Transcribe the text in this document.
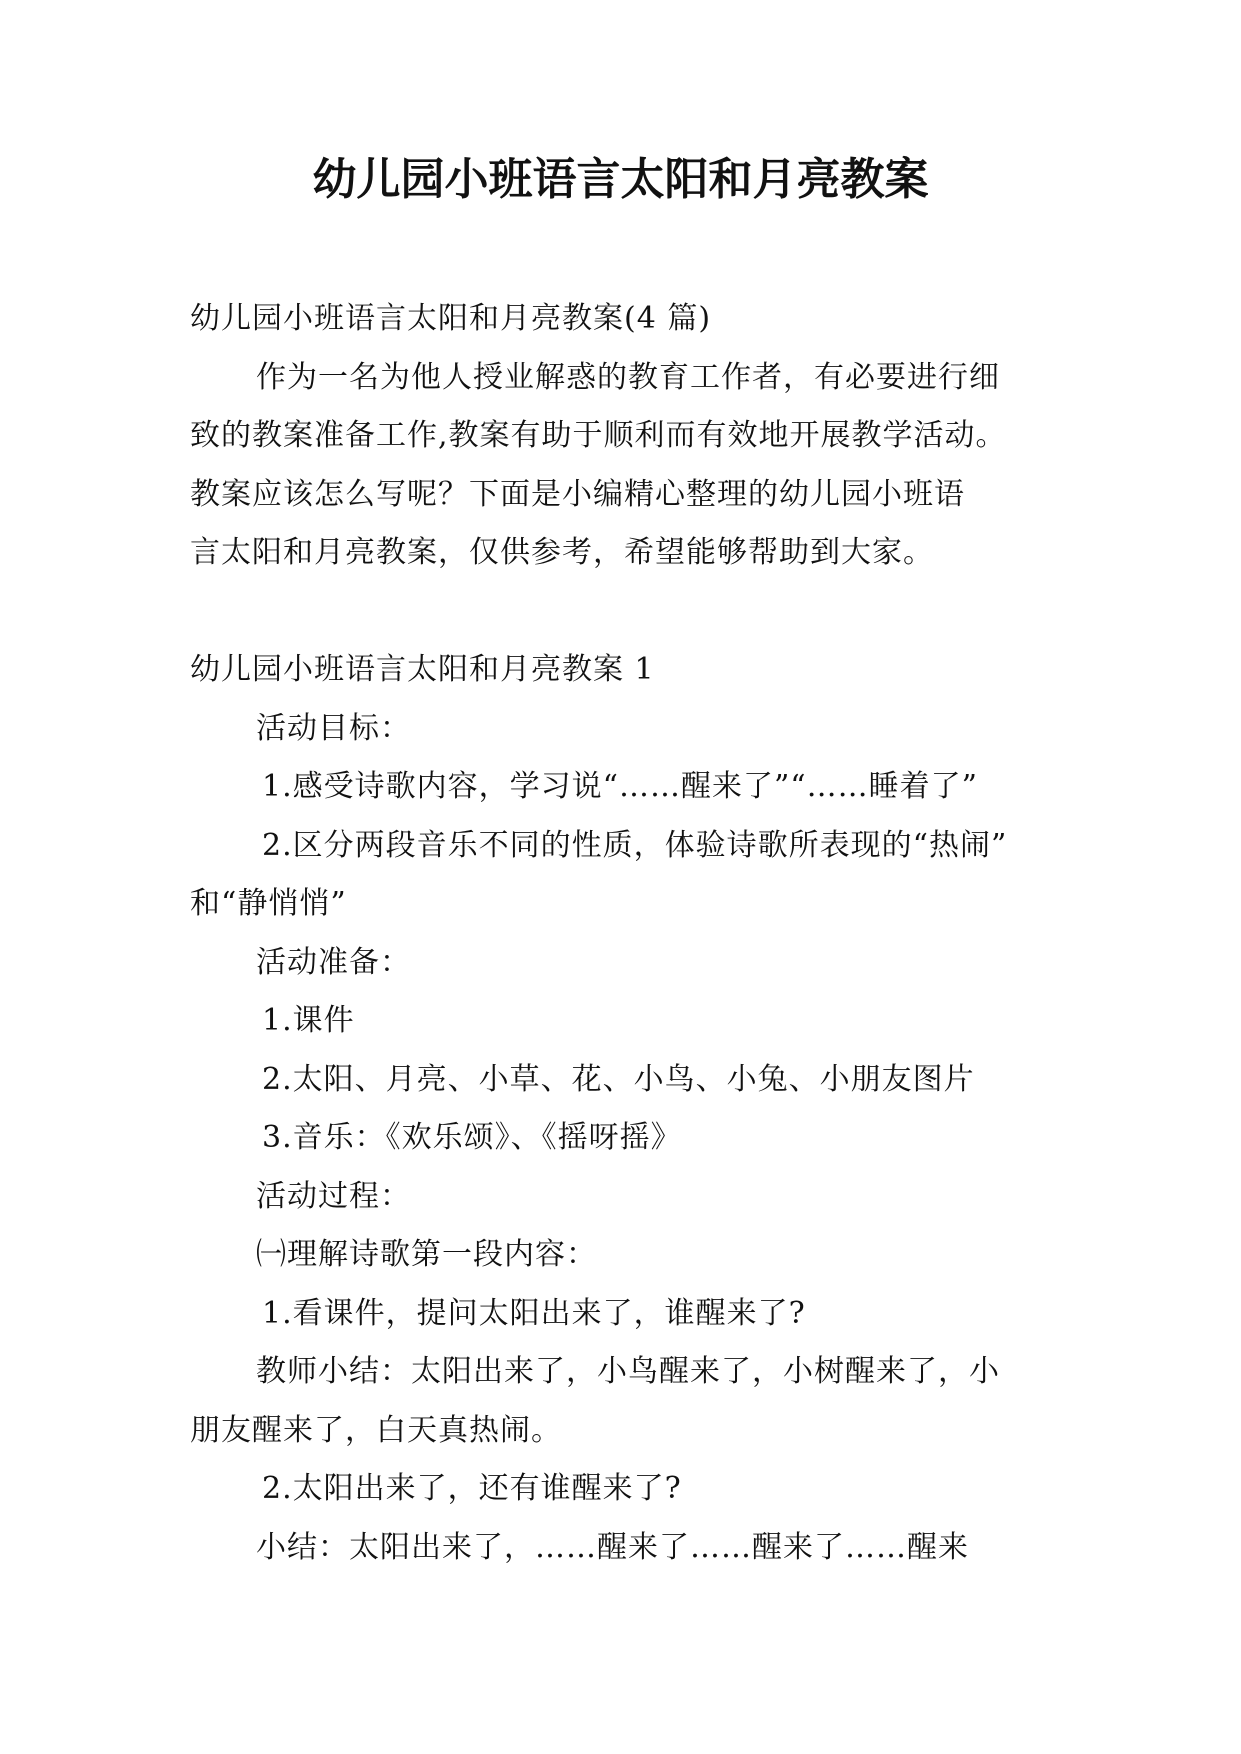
幼儿园小班语言太阳和月亮教案
幼儿园小班语言太阳和月亮教案(4 篇)
作为一名为他人授业解惑的教育工作者，有必要进行细
致的教案准备工作,教案有助于顺利而有效地开展教学活动。
教案应该怎么写呢？下面是小编精心整理的幼儿园小班语
言太阳和月亮教案，仅供参考，希望能够帮助到大家。
幼儿园小班语言太阳和月亮教案 1
活动目标：
1.感受诗歌内容，学习说“……醒来了”“……睡着了”
2.区分两段音乐不同的性质，体验诗歌所表现的“热闹”
和“静悄悄”
活动准备：
1.课件
2.太阳、月亮、小草、花、小鸟、小兔、小朋友图片
3.音乐：《欢乐颂》、《摇呀摇》
活动过程：
㈠理解诗歌第一段内容：
1.看课件，提问太阳出来了，谁醒来了?
教师小结：太阳出来了，小鸟醒来了，小树醒来了，小
朋友醒来了，白天真热闹。
2.太阳出来了，还有谁醒来了?
小结：太阳出来了，……醒来了……醒来了……醒来
